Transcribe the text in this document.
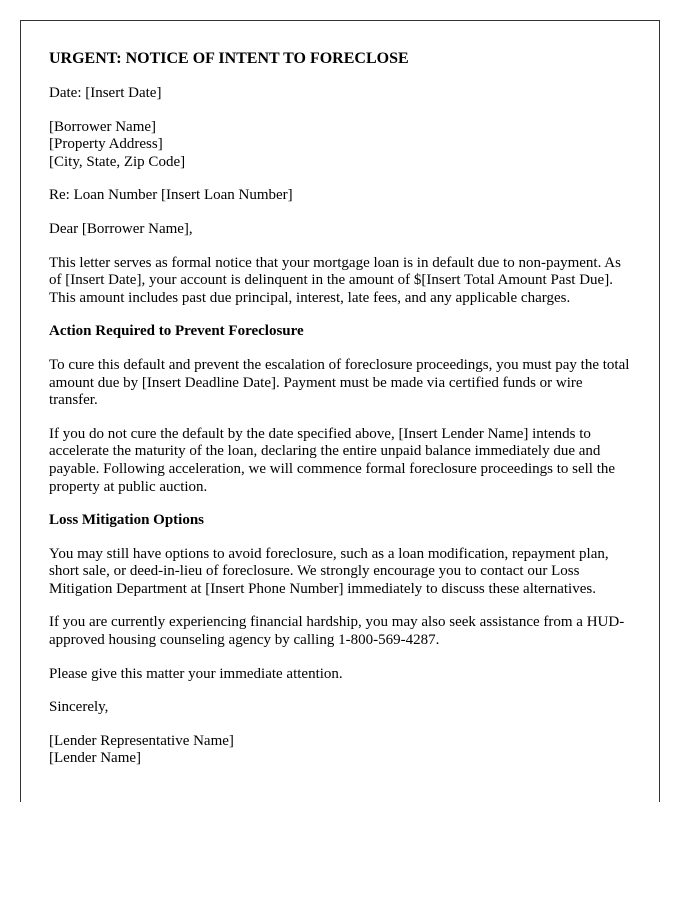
URGENT: NOTICE OF INTENT TO FORECLOSE

Date: [Insert Date]

[Borrower Name]
[Property Address]
[City, State, Zip Code]

Re: Loan Number [Insert Loan Number]

Dear [Borrower Name],

This letter serves as formal notice that your mortgage loan is in default due to non-payment. As of [Insert Date], your account is delinquent in the amount of $[Insert Total Amount Past Due]. This amount includes past due principal, interest, late fees, and any applicable charges.

Action Required to Prevent Foreclosure

To cure this default and prevent the escalation of foreclosure proceedings, you must pay the total amount due by [Insert Deadline Date]. Payment must be made via certified funds or wire transfer.

If you do not cure the default by the date specified above, [Insert Lender Name] intends to accelerate the maturity of the loan, declaring the entire unpaid balance immediately due and payable. Following acceleration, we will commence formal foreclosure proceedings to sell the property at public auction.

Loss Mitigation Options

You may still have options to avoid foreclosure, such as a loan modification, repayment plan, short sale, or deed-in-lieu of foreclosure. We strongly encourage you to contact our Loss Mitigation Department at [Insert Phone Number] immediately to discuss these alternatives.

If you are currently experiencing financial hardship, you may also seek assistance from a HUD-approved housing counseling agency by calling 1-800-569-4287.

Please give this matter your immediate attention.

Sincerely,

[Lender Representative Name]
[Lender Name]
